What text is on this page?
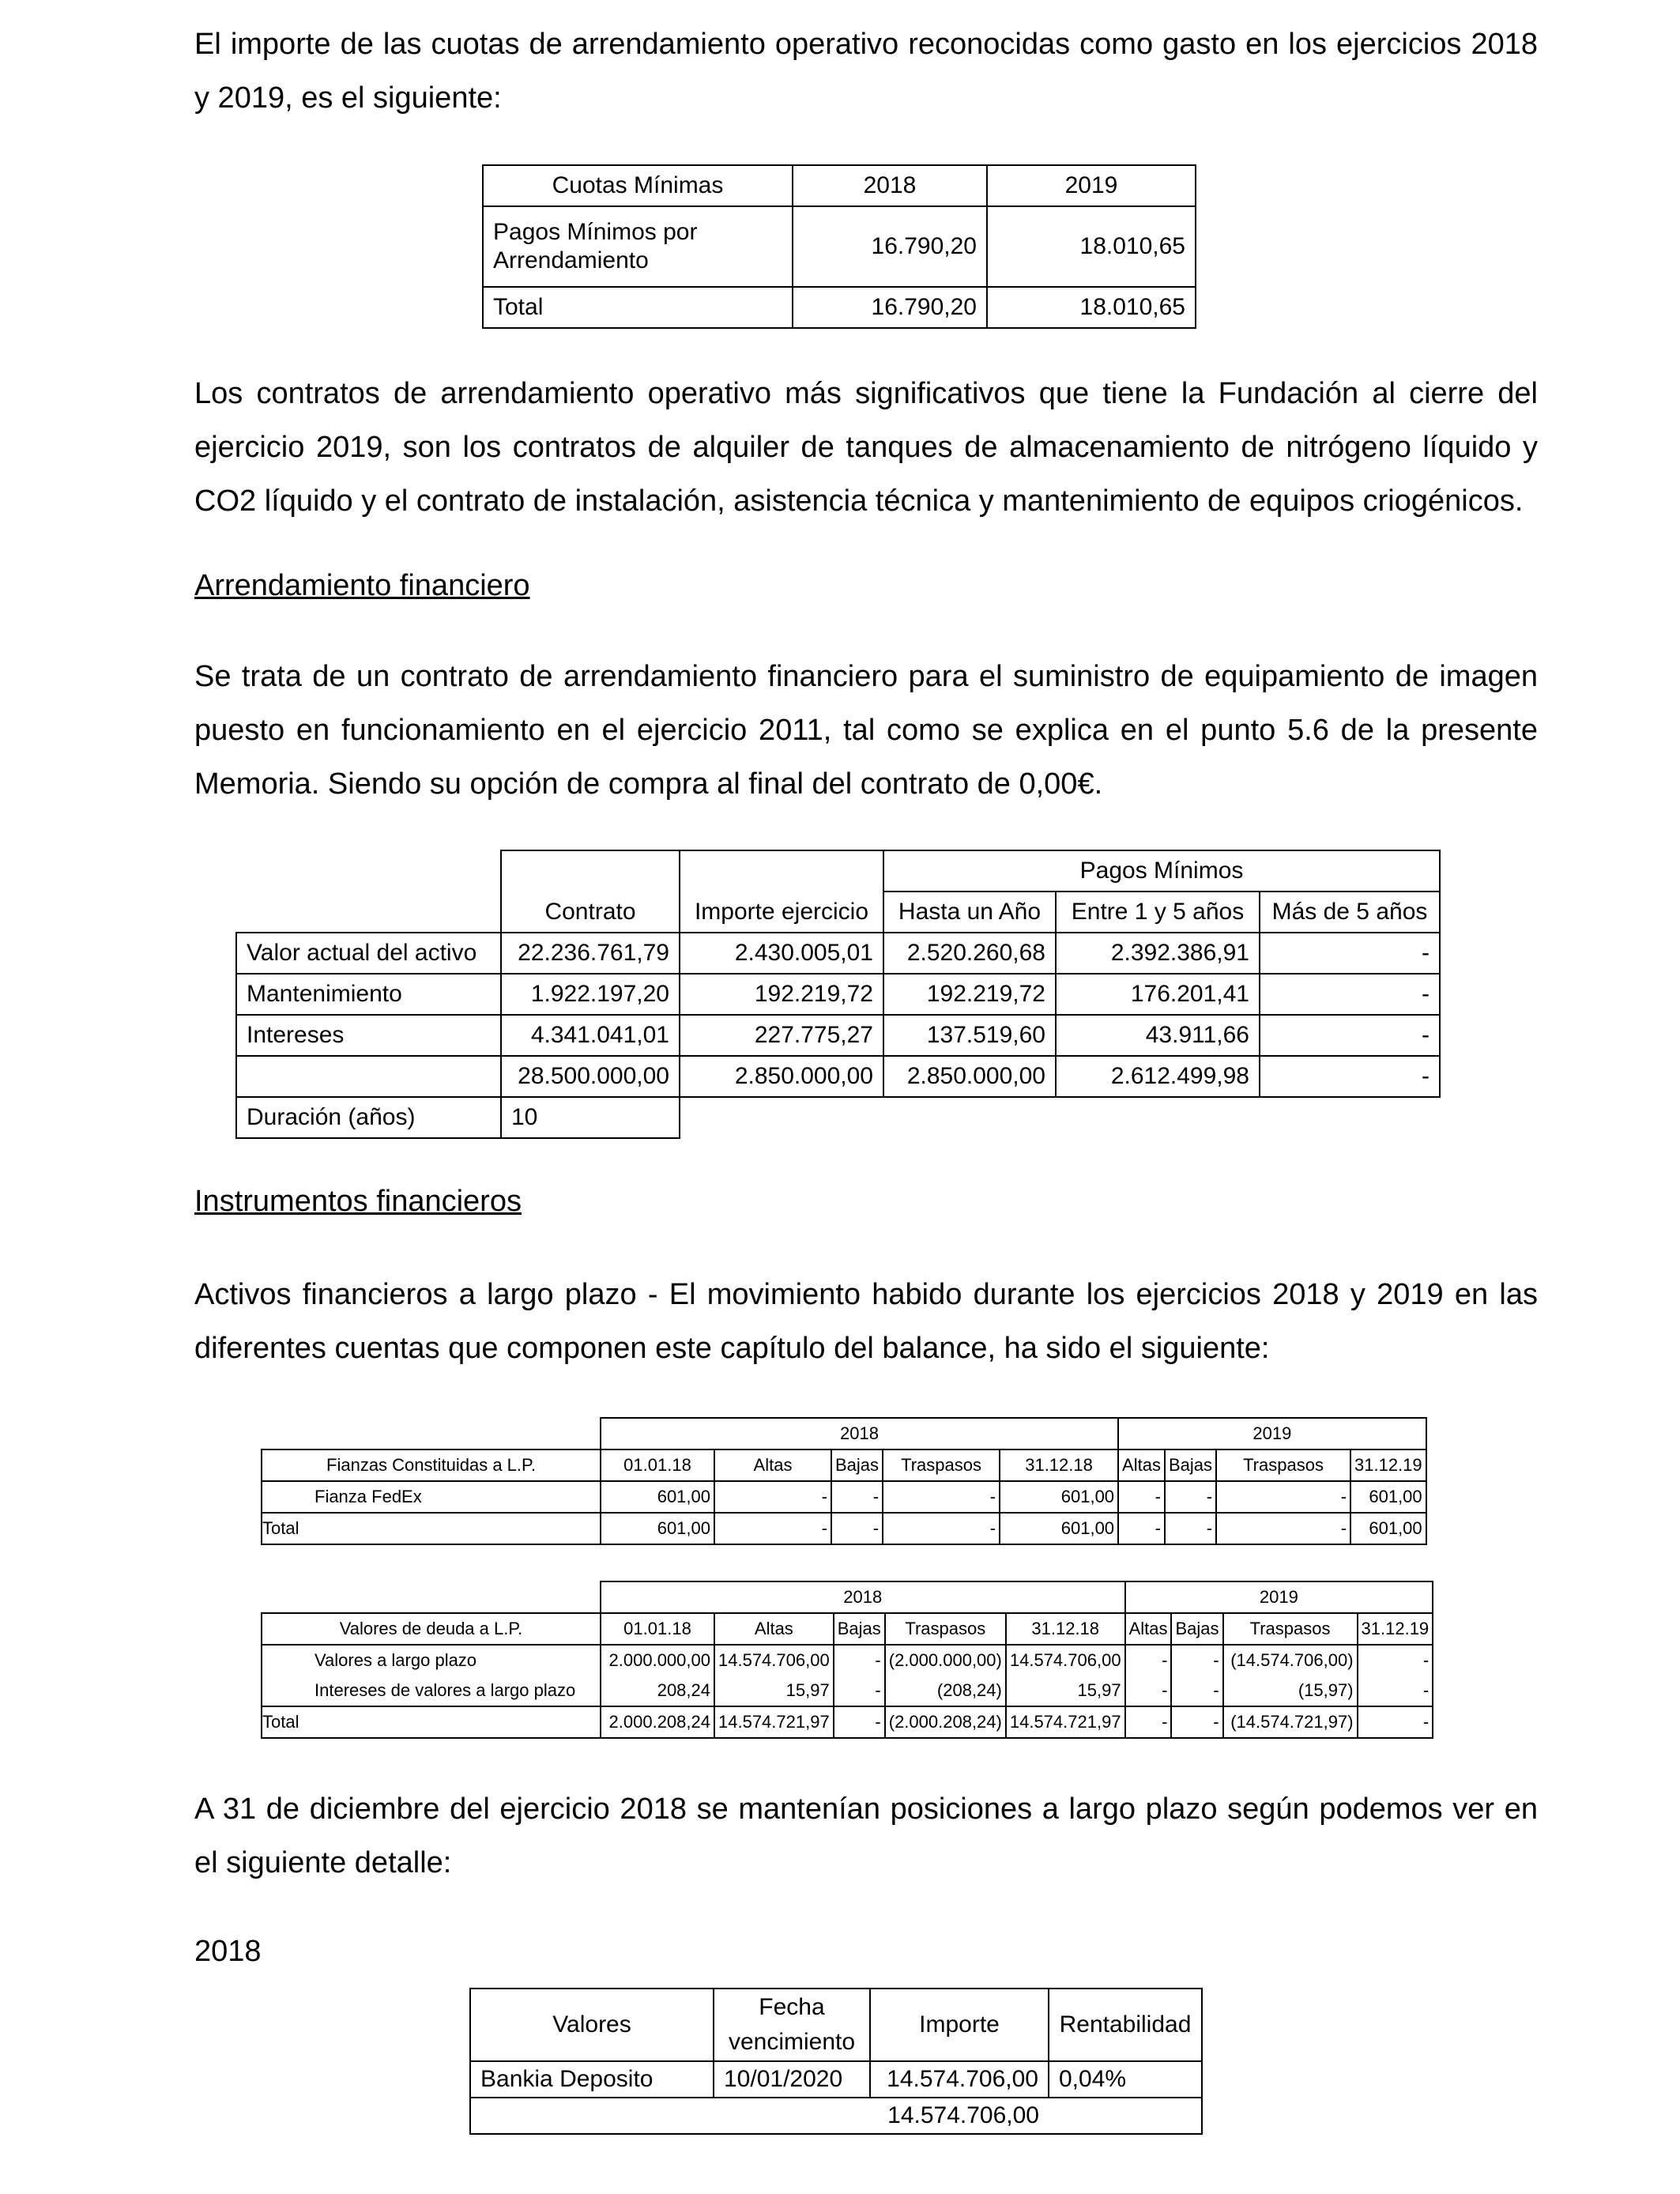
El importe de las cuotas de arrendamiento operativo reconocidas como gasto en los ejercicios 2018 y 2019, es el siguiente:

Cuotas Mínimas	2018	2019

Pagos Mínimos por
Arrendamiento	16.790,20	18.010,65
Total	16.790,20	18.010,65

Los contratos de arrendamiento operativo más significativos que tiene la Fundación al cierre del ejercicio 2019, son los contratos de alquiler de tanques de almacenamiento de nitrógeno líquido y CO2 líquido y el contrato de instalación, asistencia técnica y mantenimiento de equipos criogénicos.

Arrendamiento financiero

Se trata de un contrato de arrendamiento financiero para el suministro de equipamiento de imagen puesto en funcionamiento en el ejercicio 2011, tal como se explica en el punto 5.6 de la presente Memoria. Siendo su opción de compra al final del contrato de 0,00€.

			Pagos Mínimos		
	Contrato	Importe ejercicio	Hasta un Año	Entre 1 y 5 años	Más de 5 años
Valor actual del activo	22.236.761,79	2.430.005,01	2.520.260,68	2.392.386,91	-
Mantenimiento	1.922.197,20	192.219,72	192.219,72	176.201,41	-
Intereses	4.341.041,01	227.775,27	137.519,60	43.911,66	-
	28.500.000,00	2.850.000,00	2.850.000,00	2.612.499,98	-
Duración (años)	10				

Instrumentos financieros

Activos financieros a largo plazo - El movimiento habido durante los ejercicios 2018 y 2019 en las diferentes cuentas que componen este capítulo del balance, ha sido el siguiente:

	2018					2019			
Fianzas Constituidas a L.P.	01.01.18	Altas	Bajas	Traspasos	31.12.18	Altas	Bajas	Traspasos	31.12.19
Fianza FedEx	601,00	-	-	-	601,00	-	-	-	601,00
Total	601,00	-	-	-	601,00	-	-	-	601,00
	2018					2019			
Valores de deuda a L.P.	01.01.18	Altas	Bajas	Traspasos	31.12.18	Altas	Bajas	Traspasos	31.12.19
Valores a largo plazo	2.000.000,00	14.574.706,00	-	(2.000.000,00)	14.574.706,00	-	-	(14.574.706,00)	-
Intereses de valores a largo plazo	208,24	15,97	-	(208,24)	15,97	-	-	(15,97)	-
Total	2.000.208,24	14.574.721,97	-	(2.000.208,24)	14.574.721,97	-	-	(14.574.721,97)	-

A 31 de diciembre del ejercicio 2018 se mantenían posiciones a largo plazo según podemos ver en el siguiente detalle:

2018

Valores	Fecha
vencimiento	Importe	Rentabilidad
Bankia Deposito	10/01/2020	14.574.706,00	0,04%
		14.574.706,00	
